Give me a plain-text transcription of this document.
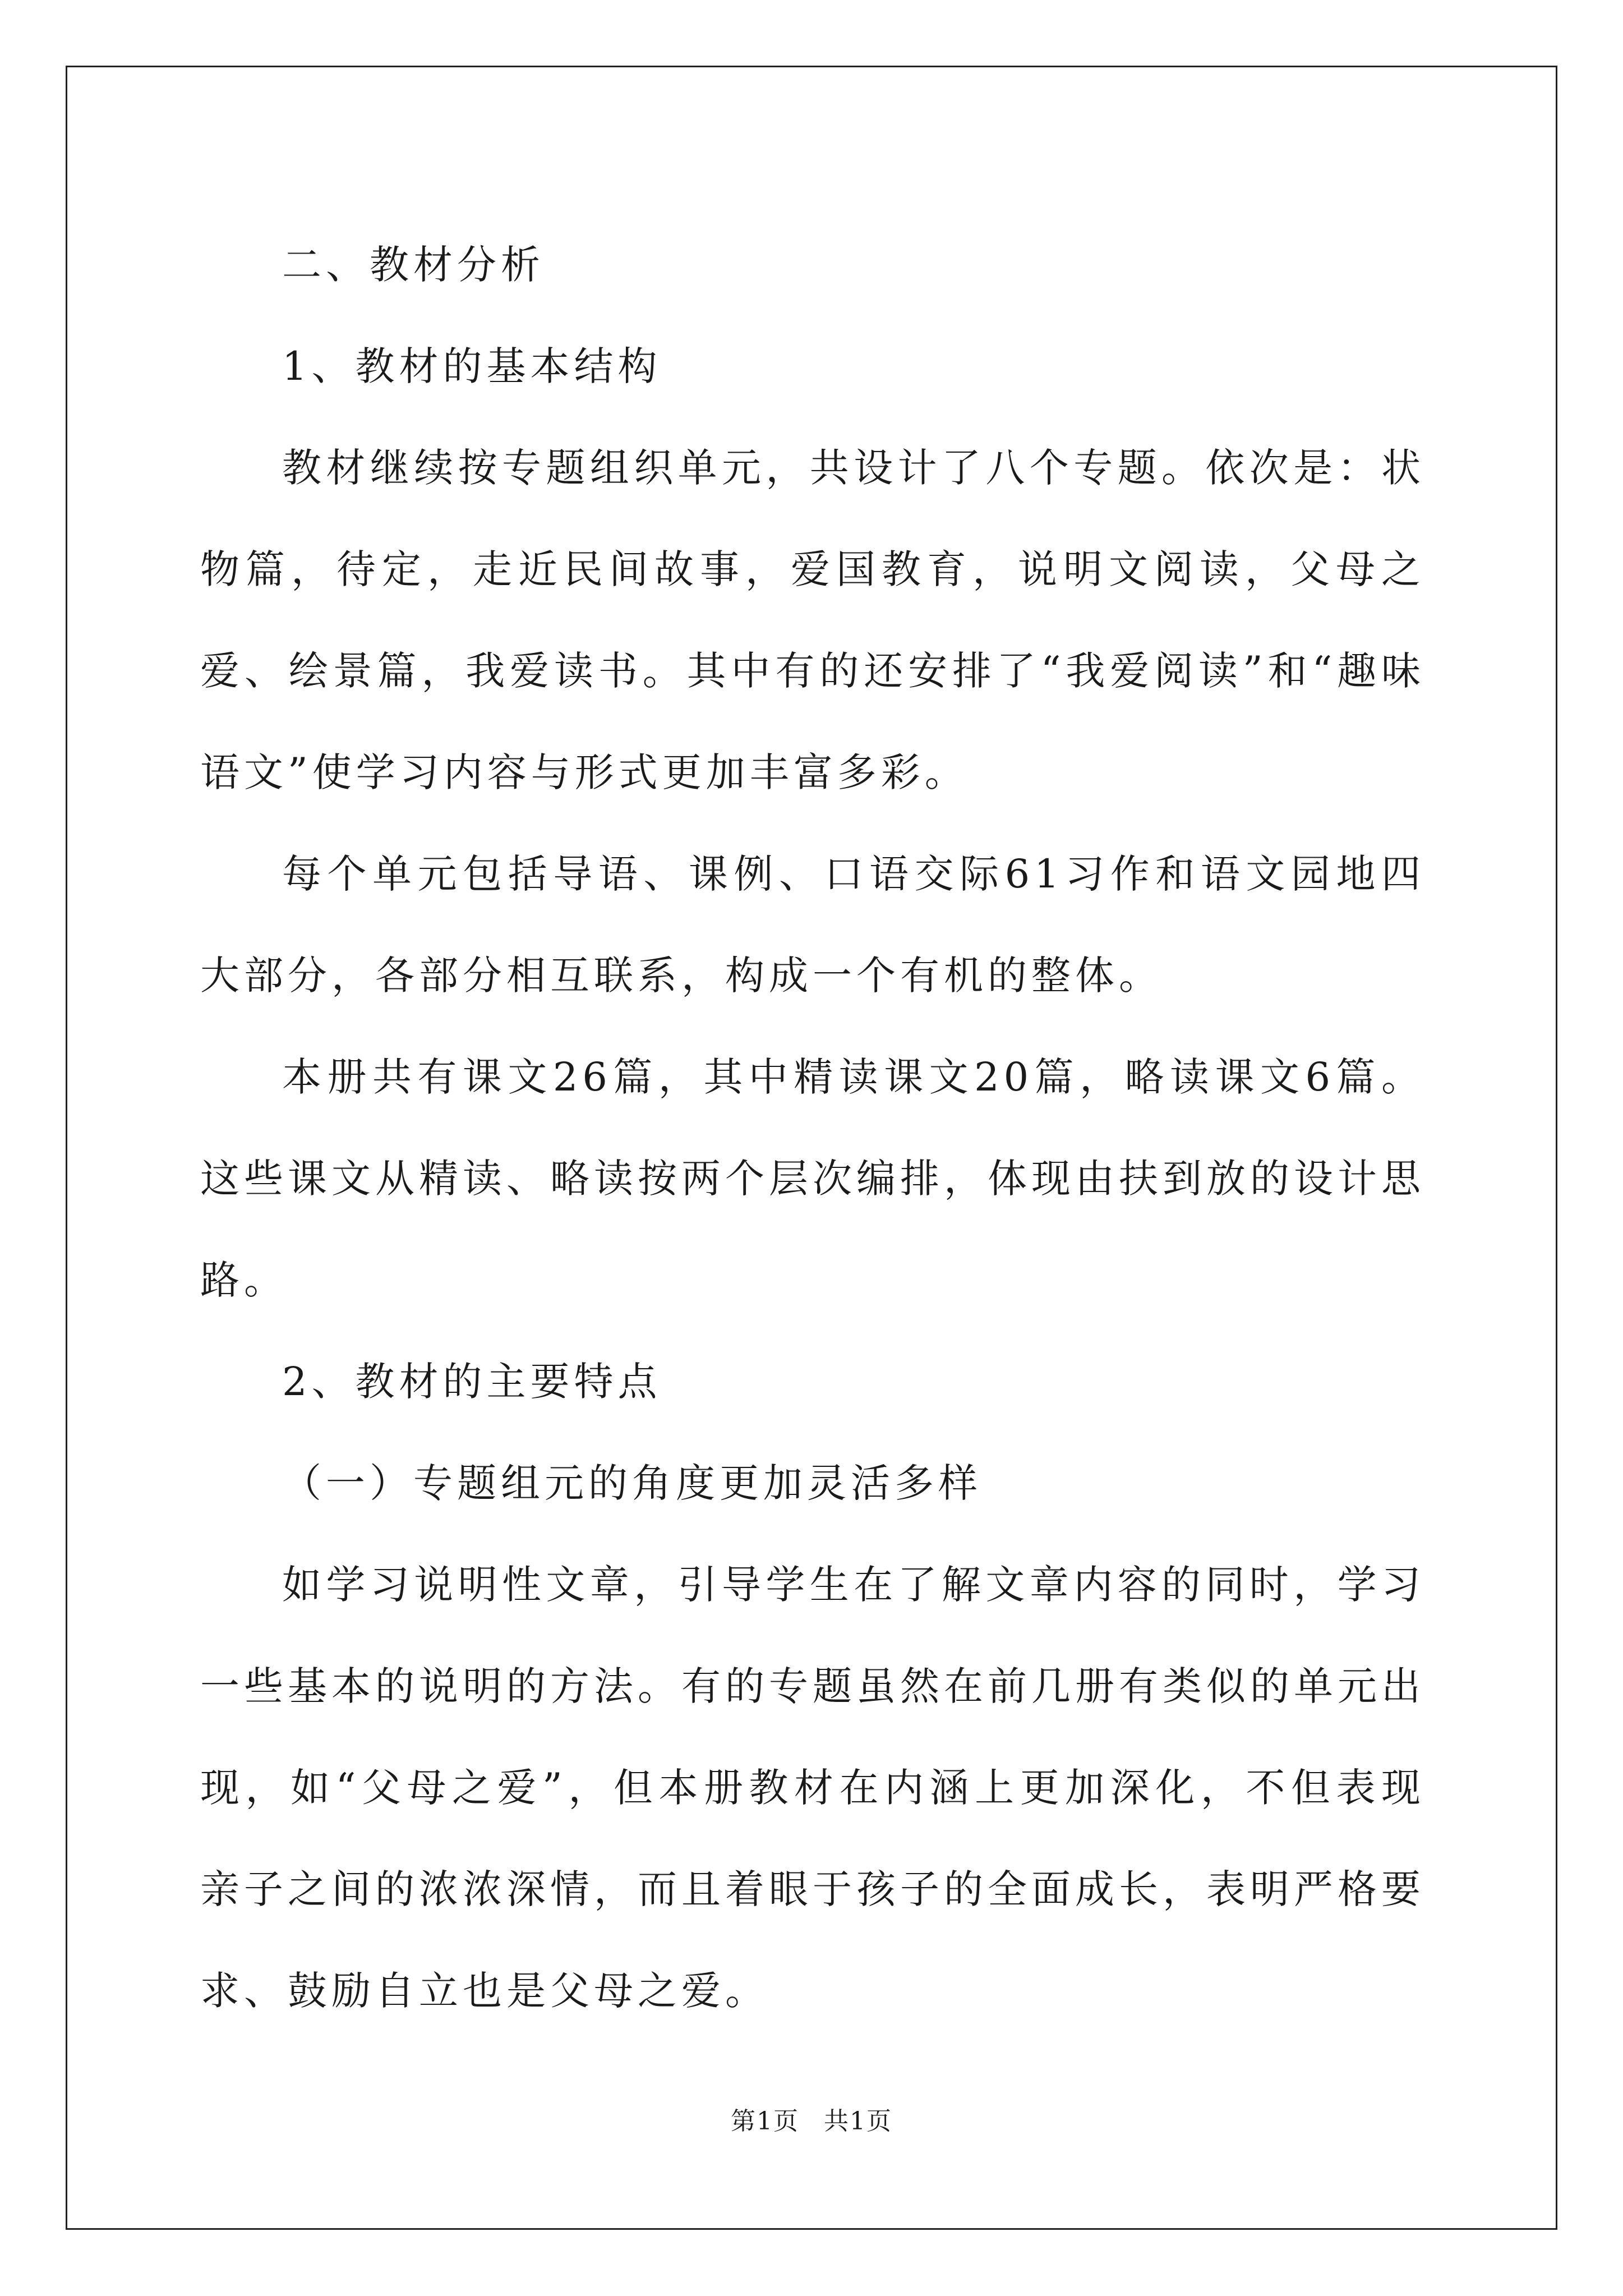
二、教材分析

1、教材的基本结构

教材继续按专题组织单元，共设计了八个专题。依次是：状物篇，待定，走近民间故事，爱国教育，说明文阅读，父母之爱、绘景篇，我爱读书。其中有的还安排了“我爱阅读”和“趣味语文”使学习内容与形式更加丰富多彩。

每个单元包括导语、课例、口语交际61习作和语文园地四大部分，各部分相互联系，构成一个有机的整体。

本册共有课文26篇，其中精读课文20篇，略读课文6篇。这些课文从精读、略读按两个层次编排，体现由扶到放的设计思路。

2、教材的主要特点

（一）专题组元的角度更加灵活多样

如学习说明性文章，引导学生在了解文章内容的同时，学习一些基本的说明的方法。有的专题虽然在前几册有类似的单元出现，如“父母之爱”，但本册教材在内涵上更加深化，不但表现亲子之间的浓浓深情，而且着眼于孩子的全面成长，表明严格要求、鼓励自立也是父母之爱。

第1页 共1页
